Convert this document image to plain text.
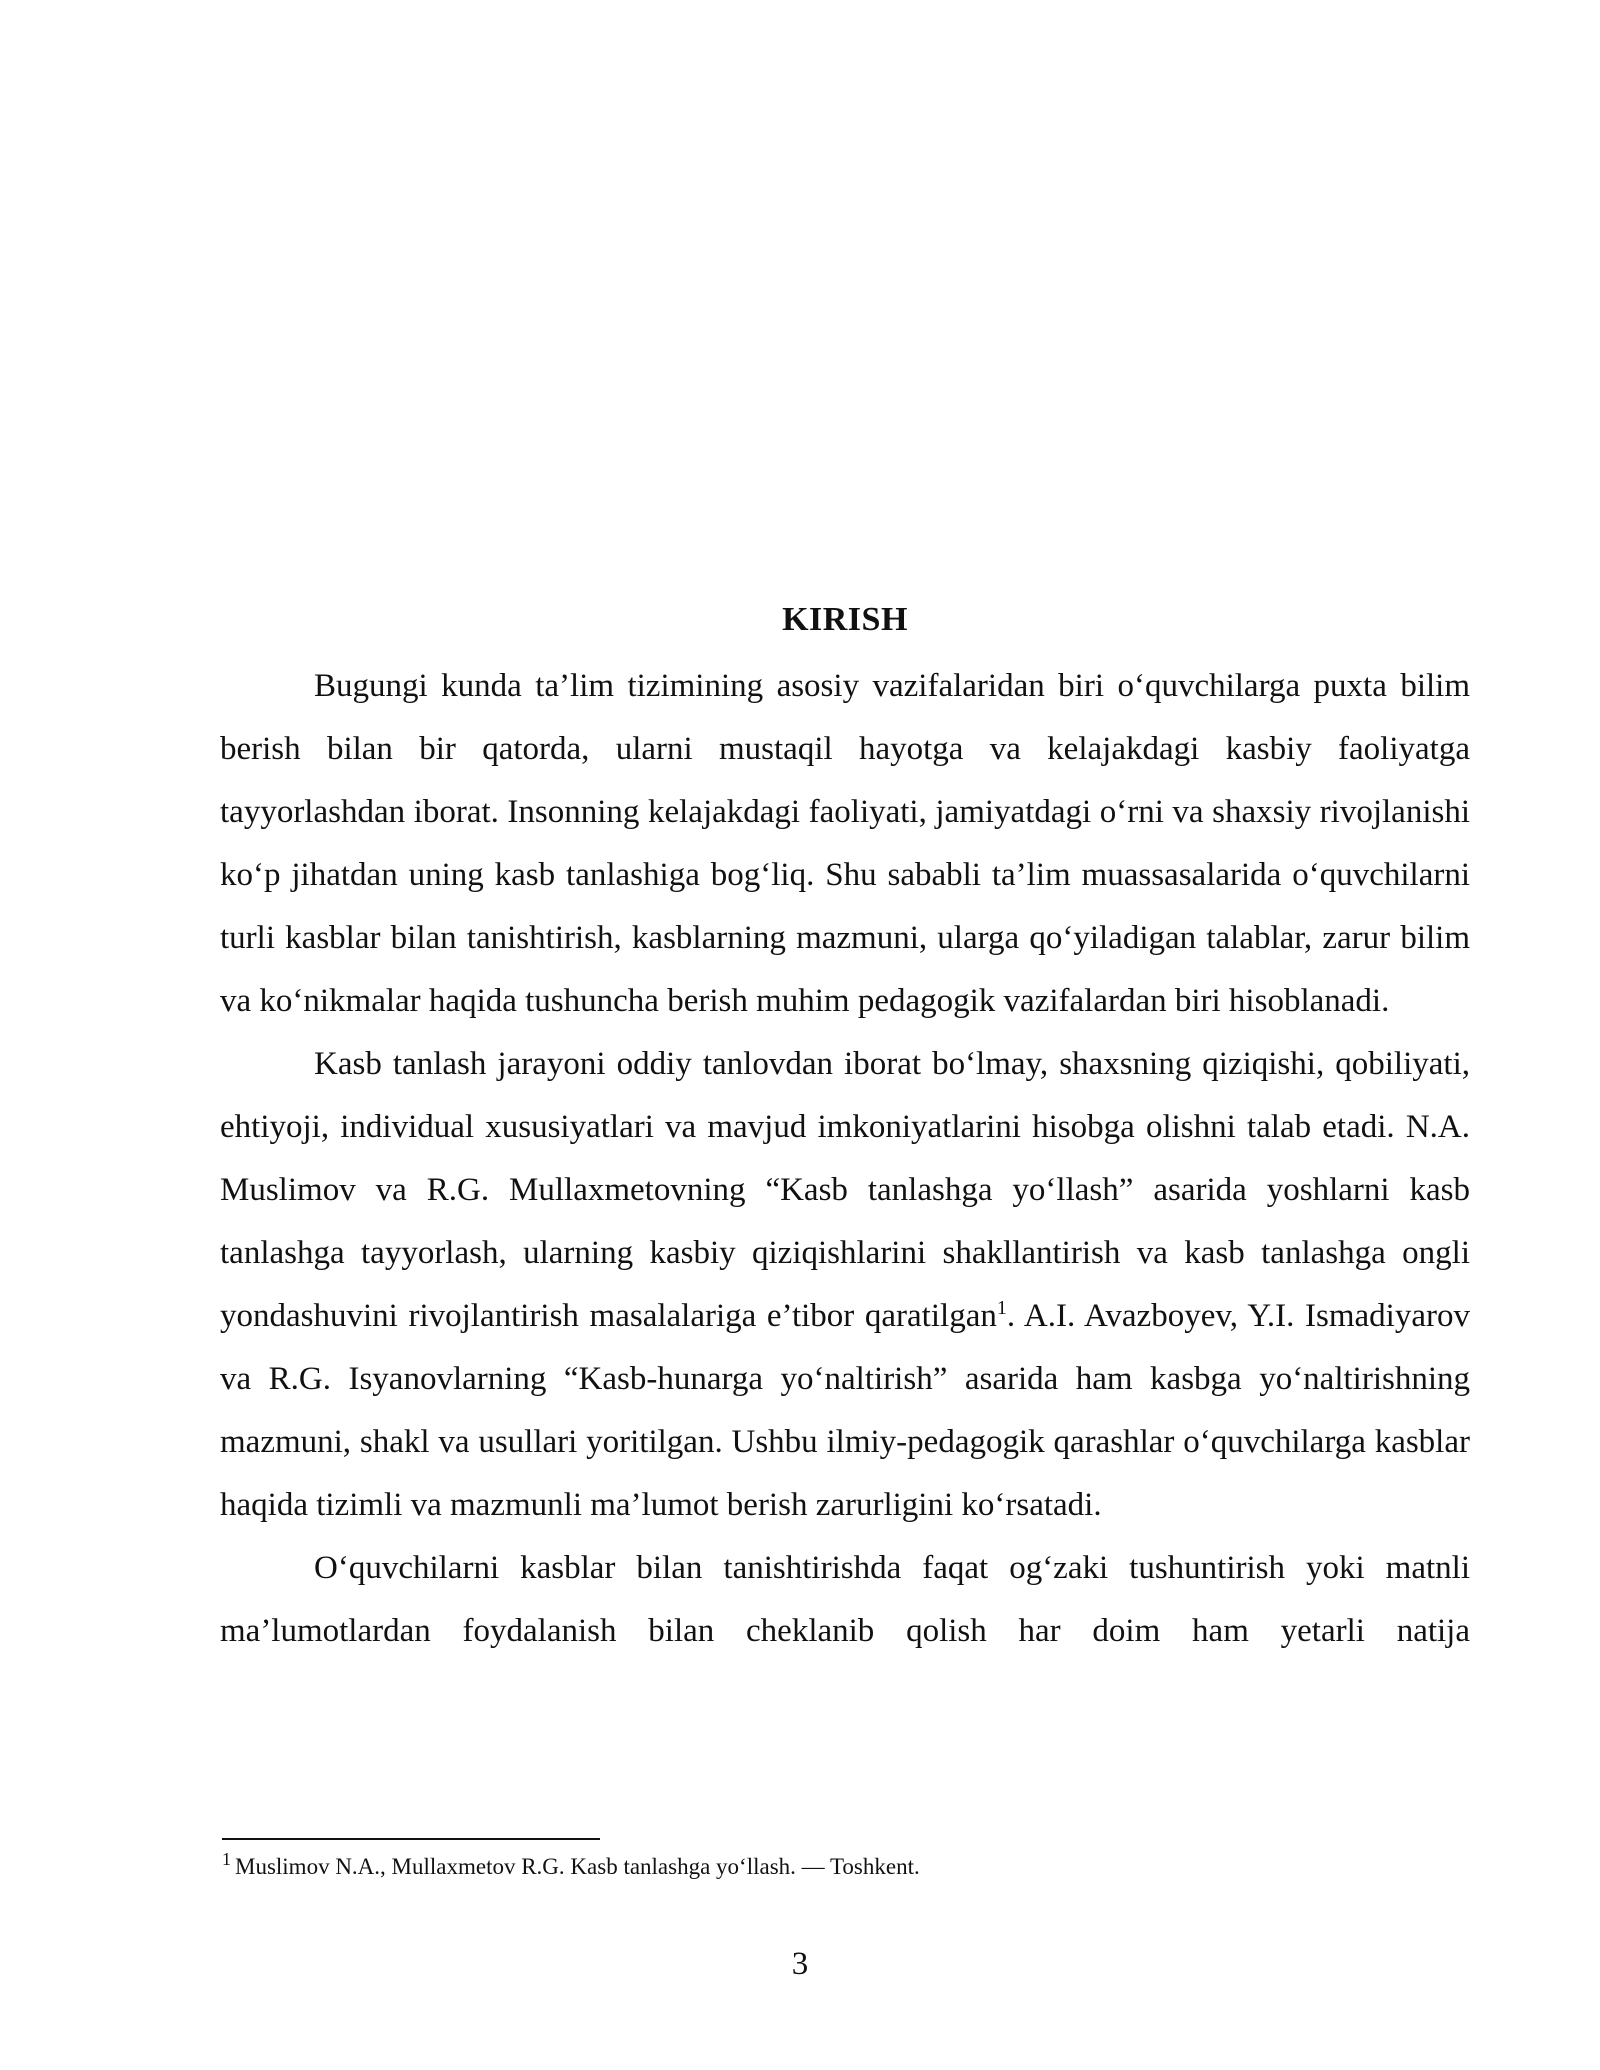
KIRISH

Bugungi kunda ta’lim tizimining asosiy vazifalaridan biri o‘quvchilarga puxta bilim berish bilan bir qatorda, ularni mustaqil hayotga va kelajakdagi kasbiy faoliyatga tayyorlashdan iborat. Insonning kelajakdagi faoliyati, jamiyatdagi o‘rni va shaxsiy rivojlanishi ko‘p jihatdan uning kasb tanlashiga bog‘liq. Shu sababli ta’lim muassasalarida o‘quvchilarni turli kasblar bilan tanishtirish, kasblarning mazmuni, ularga qo‘yiladigan talablar, zarur bilim va ko‘nikmalar haqida tushuncha berish muhim pedagogik vazifalardan biri hisoblanadi.

Kasb tanlash jarayoni oddiy tanlovdan iborat bo‘lmay, shaxsning qiziqishi, qobiliyati, ehtiyoji, individual xususiyatlari va mavjud imkoniyatlarini hisobga olishni talab etadi. N.A. Muslimov va R.G. Mullaxmetovning “Kasb tanlashga yo‘llash” asarida yoshlarni kasb tanlashga tayyorlash, ularning kasbiy qiziqishlarini shakllantirish va kasb tanlashga ongli yondashuvini rivojlantirish masalalariga e’tibor qaratilgan$^1$. A.I. Avazboyev, Y.I. Ismadiyarov va R.G. Isyanovlarning “Kasb-hunarga yo‘naltirish” asarida ham kasbga yo‘naltirishning mazmuni, shakl va usullari yoritilgan. Ushbu ilmiy-pedagogik qarashlar o‘quvchilarga kasblar haqida tizimli va mazmunli ma’lumot berish zarurligini ko‘rsatadi.

O‘quvchilarni kasblar bilan tanishtirishda faqat og‘zaki tushuntirish yoki matnli ma’lumotlardan foydalanish bilan cheklanib qolish har doim ham yetarli natija

$^1$ Muslimov N.A., Mullaxmetov R.G. Kasb tanlashga yo‘llash. — Toshkent.
3
